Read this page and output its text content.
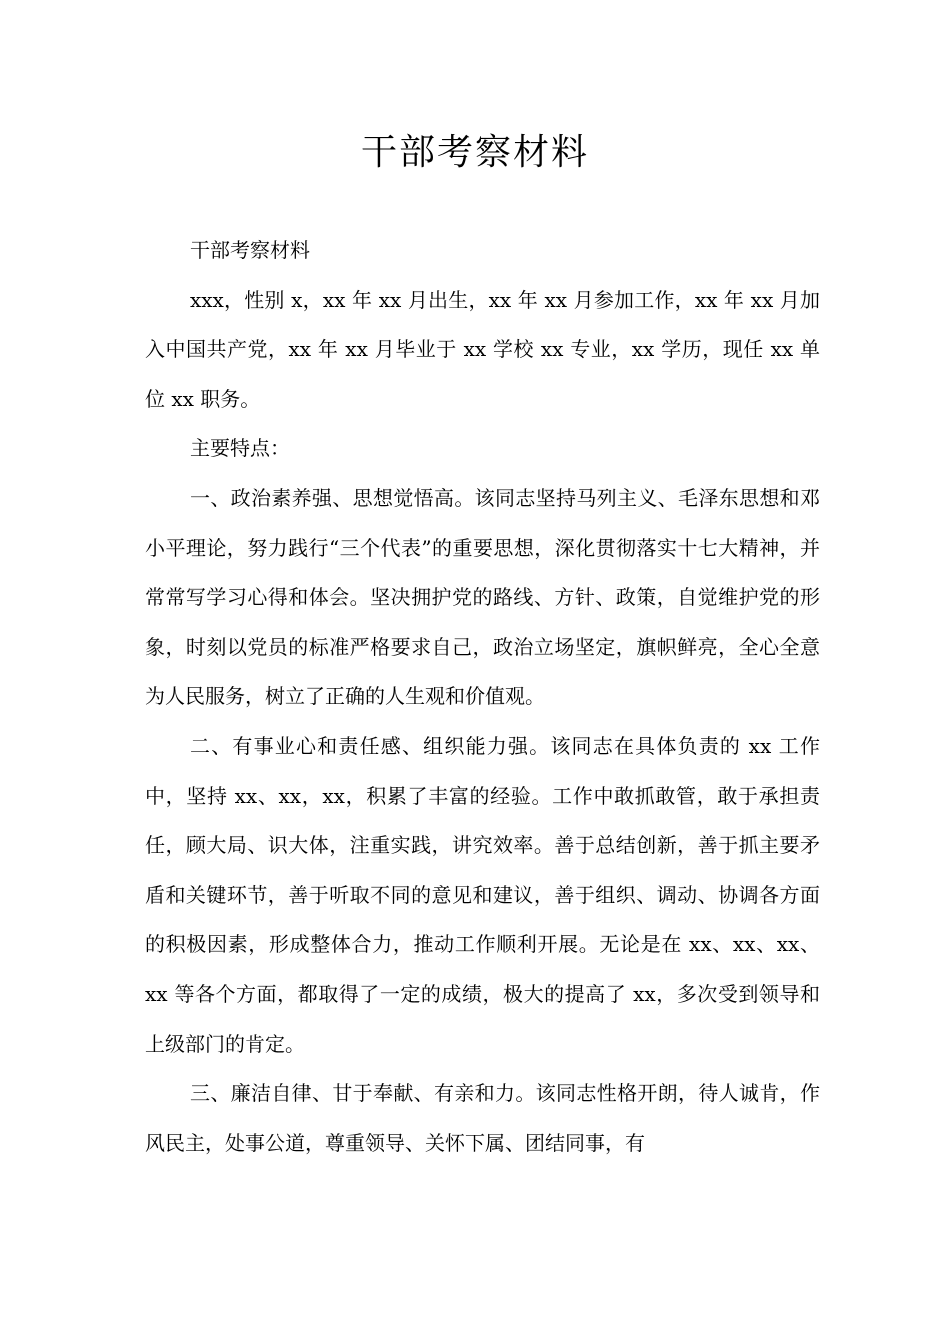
干部考察材料

干部考察材料

xxx，性别 x，xx 年 xx 月出生，xx 年 xx 月参加工作，xx 年 xx 月加入中国共产党，xx 年 xx 月毕业于 xx 学校 xx 专业，xx 学历，现任 xx 单位 xx 职务。

主要特点：

一、政治素养强、思想觉悟高。该同志坚持马列主义、毛泽东思想和邓小平理论，努力践行“三个代表”的重要思想，深化贯彻落实十七大精神，并常常写学习心得和体会。坚决拥护党的路线、方针、政策，自觉维护党的形象，时刻以党员的标准严格要求自己，政治立场坚定，旗帜鲜亮，全心全意为人民服务，树立了正确的人生观和价值观。

二、有事业心和责任感、组织能力强。该同志在具体负责的 xx 工作中，坚持 xx、xx，xx，积累了丰富的经验。工作中敢抓敢管，敢于承担责任，顾大局、识大体，注重实践，讲究效率。善于总结创新，善于抓主要矛盾和关键环节，善于听取不同的意见和建议，善于组织、调动、协调各方面的积极因素，形成整体合力，推动工作顺利开展。无论是在 xx、xx、xx、xx 等各个方面，都取得了一定的成绩，极大的提高了 xx，多次受到领导和上级部门的肯定。

三、廉洁自律、甘于奉献、有亲和力。该同志性格开朗，待人诚肯，作风民主，处事公道，尊重领导、关怀下属、团结同事，有
